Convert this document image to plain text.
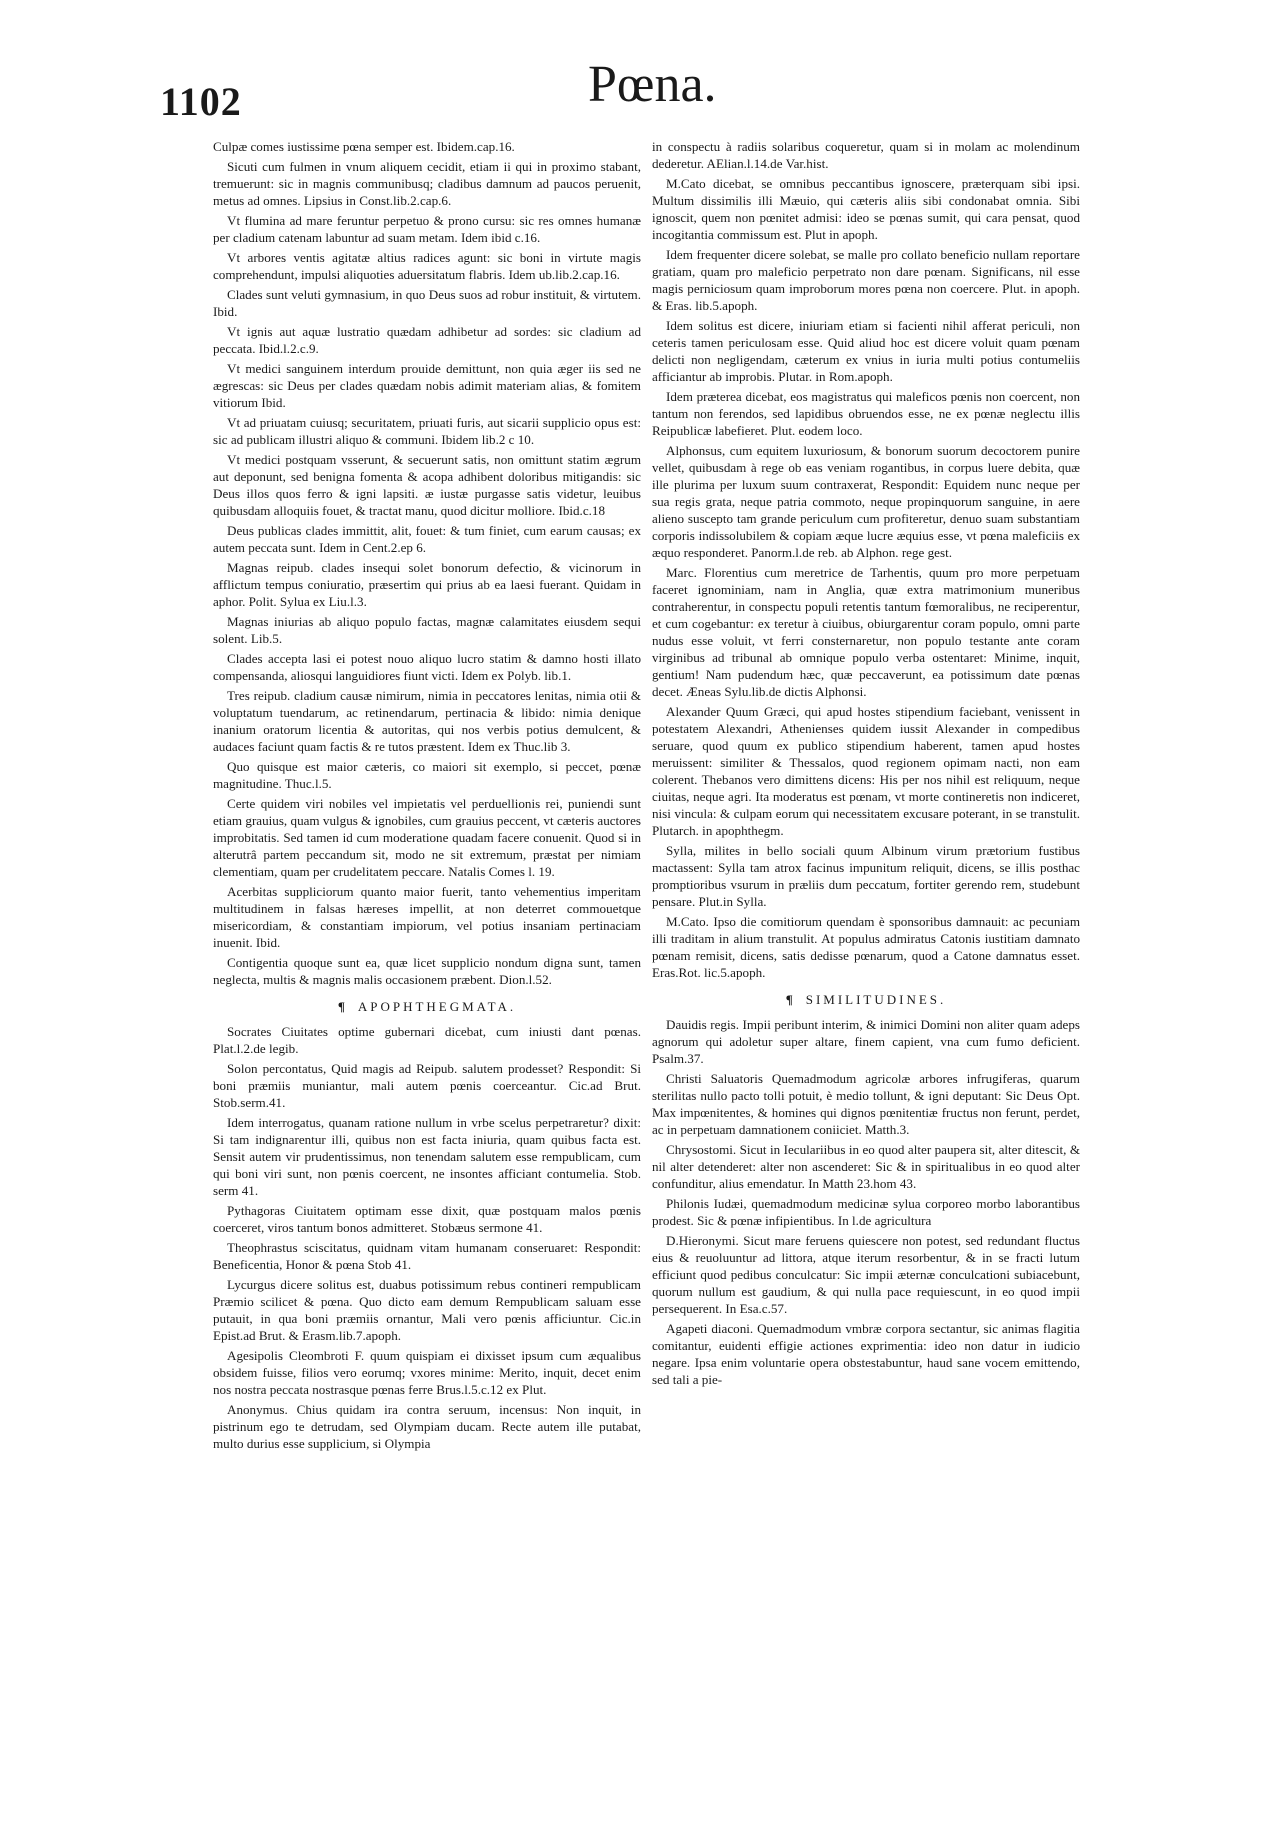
1102	Pœna.

Culpæ comes iustissime pœna semper est. Ibidem.cap.16.

Sicuti cum fulmen in vnum aliquem cecidit, etiam ii qui in proximo stabant, tremuerunt: sic in magnis communibusq; cladibus damnum ad paucos peruenit, metus ad omnes. Lipsius in Const.lib.2.cap.6.

Vt flumina ad mare feruntur perpetuo & prono cursu: sic res omnes humanæ per cladium catenam labuntur ad suam metam. Idem ibid c.16.

Vt arbores ventis agitatæ altius radices agunt: sic boni in virtute magis comprehendunt, impulsi aliquoties aduersitatum flabris. Idem ub.lib.2.cap.16.

Clades sunt veluti gymnasium, in quo Deus suos ad robur instituit, & virtutem. Ibid.

Vt ignis aut aquæ lustratio quædam adhibetur ad sordes: sic cladium ad peccata. Ibid.l.2.c.9.

Vt medici sanguinem interdum prouide demittunt, non quia æger iis sed ne ægrescas: sic Deus per clades quædam nobis adimit materiam alias, & fomitem vitiorum Ibid.

Vt ad priuatam cuiusq; securitatem, priuati furis, aut sicarii supplicio opus est: sic ad publicam illustri aliquo & communi. Ibidem lib.2 c 10.

Vt medici postquam vsserunt, & secuerunt satis, non omittunt statim ægrum aut deponunt, sed benigna fomenta & acopa adhibent doloribus mitigandis: sic Deus illos quos ferro & igni lapsiti. æ iustæ purgasse satis videtur, leuibus quibusdam alloquiis fouet, & tractat manu, quod dicitur molliore. Ibid.c.18

Deus publicas clades immittit, alit, fouet: & tum finiet, cum earum causas; ex autem peccata sunt. Idem in Cent.2.ep 6.

Magnas reipub. clades insequi solet bonorum defectio, & vicinorum in afflictum tempus coniuratio, præsertim qui prius ab ea laesi fuerant. Quidam in aphor. Polit. Sylua ex Liu.l.3.

Magnas iniurias ab aliquo populo factas, magnæ calamitates eiusdem sequi solent. Lib.5.

Clades accepta lasi ei potest nouo aliquo lucro statim & damno hosti illato compensanda, aliosqui languidiores fiunt victi. Idem ex Polyb. lib.1.

Tres reipub. cladium causæ nimirum, nimia in peccatores lenitas, nimia otii & voluptatum tuendarum, ac retinendarum, pertinacia & libido: nimia denique inanium oratorum licentia & autoritas, qui nos verbis potius demulcent, & audaces faciunt quam factis & re tutos præstent. Idem ex Thuc.lib 3.

Quo quisque est maior cæteris, co maiori sit exemplo, si peccet, pœnæ magnitudine. Thuc.l.5.

Certe quidem viri nobiles vel impietatis vel perduellionis rei, puniendi sunt etiam grauius, quam vulgus & ignobiles, cum grauius peccent, vt cæteris auctores improbitatis. Sed tamen id cum moderatione quadam facere conuenit. Quod si in alterutrâ partem peccandum sit, modo ne sit extremum, præstat per nimiam clementiam, quam per crudelitatem peccare. Natalis Comes l. 19.

Acerbitas suppliciorum quanto maior fuerit, tanto vehementius imperitam multitudinem in falsas hæreses impellit, at non deterret commouetque misericordiam, & constantiam impiorum, vel potius insaniam pertinaciam inuenit. Ibid.

Contigentia quoque sunt ea, quæ licet supplicio nondum digna sunt, tamen neglecta, multis & magnis malis occasionem præbent. Dion.l.52.

¶ APOPHTHEGMATA.

Socrates Ciuitates optime gubernari dicebat, cum iniusti dant pœnas. Plat.l.2.de legib.

Solon percontatus, Quid magis ad Reipub. salutem prodesset? Respondit: Si boni præmiis muniantur, mali autem pœnis coerceantur. Cic.ad Brut. Stob.serm.41.

Idem interrogatus, quanam ratione nullum in vrbe scelus perpetraretur? dixit: Si tam indignarentur illi, quibus non est facta iniuria, quam quibus facta est. Sensit autem vir prudentissimus, non tenendam salutem esse rempublicam, cum qui boni viri sunt, non pœnis coercent, ne insontes afficiant contumelia. Stob. serm 41.

Pythagoras Ciuitatem optimam esse dixit, quæ postquam malos pœnis coerceret, viros tantum bonos admitteret. Stobæus sermone 41.

Theophrastus sciscitatus, quidnam vitam humanam conseruaret: Respondit: Beneficentia, Honor & pœna Stob 41.

Lycurgus dicere solitus est, duabus potissimum rebus contineri rempublicam Præmio scilicet & pœna. Quo dicto eam demum Rempublicam saluam esse putauit, in qua boni præmiis ornantur, Mali vero pœnis afficiuntur. Cic.in Epist.ad Brut. & Erasm.lib.7.apoph.

Agesipolis Cleombroti F. quum quispiam ei dixisset ipsum cum æqualibus obsidem fuisse, filios vero eorumq; vxores minime: Merito, inquit, decet enim nos nostra peccata nostrasque pœnas ferre Brus.l.5.c.12 ex Plut.

Anonymus. Chius quidam ira contra seruum, incensus: Non inquit, in pistrinum ego te detrudam, sed Olympiam ducam. Recte autem ille putabat, multo durius esse supplicium, si Olympia

in conspectu à radiis solaribus coqueretur, quam si in molam ac molendinum dederetur. AElian.l.14.de Var.hist.

M.Cato dicebat, se omnibus peccantibus ignoscere, præterquam sibi ipsi. Multum dissimilis illi Mæuio, qui cæteris aliis sibi condonabat omnia. Sibi ignoscit, quem non pœnitet admisi: ideo se pœnas sumit, qui cara pensat, quod incogitantia commissum est. Plut in apoph.

Idem frequenter dicere solebat, se malle pro collato beneficio nullam reportare gratiam, quam pro maleficio perpetrato non dare pœnam. Significans, nil esse magis perniciosum quam improborum mores pœna non coercere. Plut. in apoph. & Eras. lib.5.apoph.

Idem solitus est dicere, iniuriam etiam si facienti nihil afferat periculi, non ceteris tamen periculosam esse. Quid aliud hoc est dicere voluit quam pœnam delicti non negligendam, cæterum ex vnius in iuria multi potius contumeliis afficiantur ab improbis. Plutar. in Rom.apoph.

Idem præterea dicebat, eos magistratus qui maleficos pœnis non coercent, non tantum non ferendos, sed lapidibus obruendos esse, ne ex pœnæ neglectu illis Reipublicæ labefieret. Plut. eodem loco.

Alphonsus, cum equitem luxuriosum, & bonorum suorum decoctorem punire vellet, quibusdam à rege ob eas veniam rogantibus, in corpus luere debita, quæ ille plurima per luxum suum contraxerat, Respondit: Equidem nunc neque per sua regis grata, neque patria commoto, neque propinquorum sanguine, in aere alieno suscepto tam grande periculum cum profiteretur, denuo suam substantiam corporis indissolubilem & copiam æque lucre æquius esse, vt pœna maleficiis ex æquo responderet. Panorm.l.de reb. ab Alphon. rege gest.

Marc. Florentius cum meretrice de Tarhentis, quum pro more perpetuam faceret ignominiam, nam in Anglia, quæ extra matrimonium muneribus contraherentur, in conspectu populi retentis tantum fœmoralibus, ne reciperentur, et cum cogebantur: ex teretur à ciuibus, obiurgarentur coram populo, omni parte nudus esse voluit, vt ferri consternaretur, non populo testante ante coram virginibus ad tribunal ab omnique populo verba ostentaret: Minime, inquit, gentium! Nam pudendum hæc, quæ peccaverunt, ea potissimum date pœnas decet. Æneas Sylu.lib.de dictis Alphonsi.

Alexander Quum Græci, qui apud hostes stipendium faciebant, venissent in potestatem Alexandri, Athenienses quidem iussit Alexander in compedibus seruare, quod quum ex publico stipendium haberent, tamen apud hostes meruissent: similiter & Thessalos, quod regionem opimam nacti, non eam colerent. Thebanos vero dimittens dicens: His per nos nihil est reliquum, neque ciuitas, neque agri. Ita moderatus est pœnam, vt morte contineretis non indiceret, nisi vincula: & culpam eorum qui necessitatem excusare poterant, in se transtulit. Plutarch. in apophthegm.

Sylla, milites in bello sociali quum Albinum virum prætorium fustibus mactassent: Sylla tam atrox facinus impunitum reliquit, dicens, se illis posthac promptioribus vsurum in præliis dum peccatum, fortiter gerendo rem, studebunt pensare. Plut.in Sylla.

M.Cato. Ipso die comitiorum quendam è sponsoribus damnauit: ac pecuniam illi traditam in alium transtulit. At populus admiratus Catonis iustitiam damnato pœnam remisit, dicens, satis dedisse pœnarum, quod a Catone damnatus esset. Eras.Rot. lic.5.apoph.

¶ SIMILITUDINES.

Dauidis regis. Impii peribunt interim, & inimici Domini non aliter quam adeps agnorum qui adoletur super altare, finem capient, vna cum fumo deficient. Psalm.37.

Christi Saluatoris Quemadmodum agricolæ arbores infrugiferas, quarum sterilitas nullo pacto tolli potuit, è medio tollunt, & igni deputant: Sic Deus Opt. Max impœnitentes, & homines qui dignos pœnitentiæ fructus non ferunt, perdet, ac in perpetuam damnationem coniiciet. Matth.3.

Chrysostomi. Sicut in Ieculariibus in eo quod alter paupera sit, alter ditescit, & nil alter detenderet: alter non ascenderet: Sic & in spiritualibus in eo quod alter confunditur, alius emendatur. In Matth 23.hom 43.

Philonis Iudæi, quemadmodum medicinæ sylua corporeo morbo laborantibus prodest. Sic & pœnæ infipientibus. In l.de agricultura

D.Hieronymi. Sicut mare feruens quiescere non potest, sed redundant fluctus eius & reuoluuntur ad littora, atque iterum resorbentur, & in se fracti lutum efficiunt quod pedibus conculcatur: Sic impii æternæ conculcationi subiacebunt, quorum nullum est gaudium, & qui nulla pace requiescunt, in eo quod impii persequerent. In Esa.c.57.

Agapeti diaconi. Quemadmodum vmbræ corpora sectantur, sic animas flagitia comitantur, euidenti effigie actiones exprimentia: ideo non datur in iudicio negare. Ipsa enim voluntarie opera obstestabuntur, haud sane vocem emittendo, sed tali a pie-
